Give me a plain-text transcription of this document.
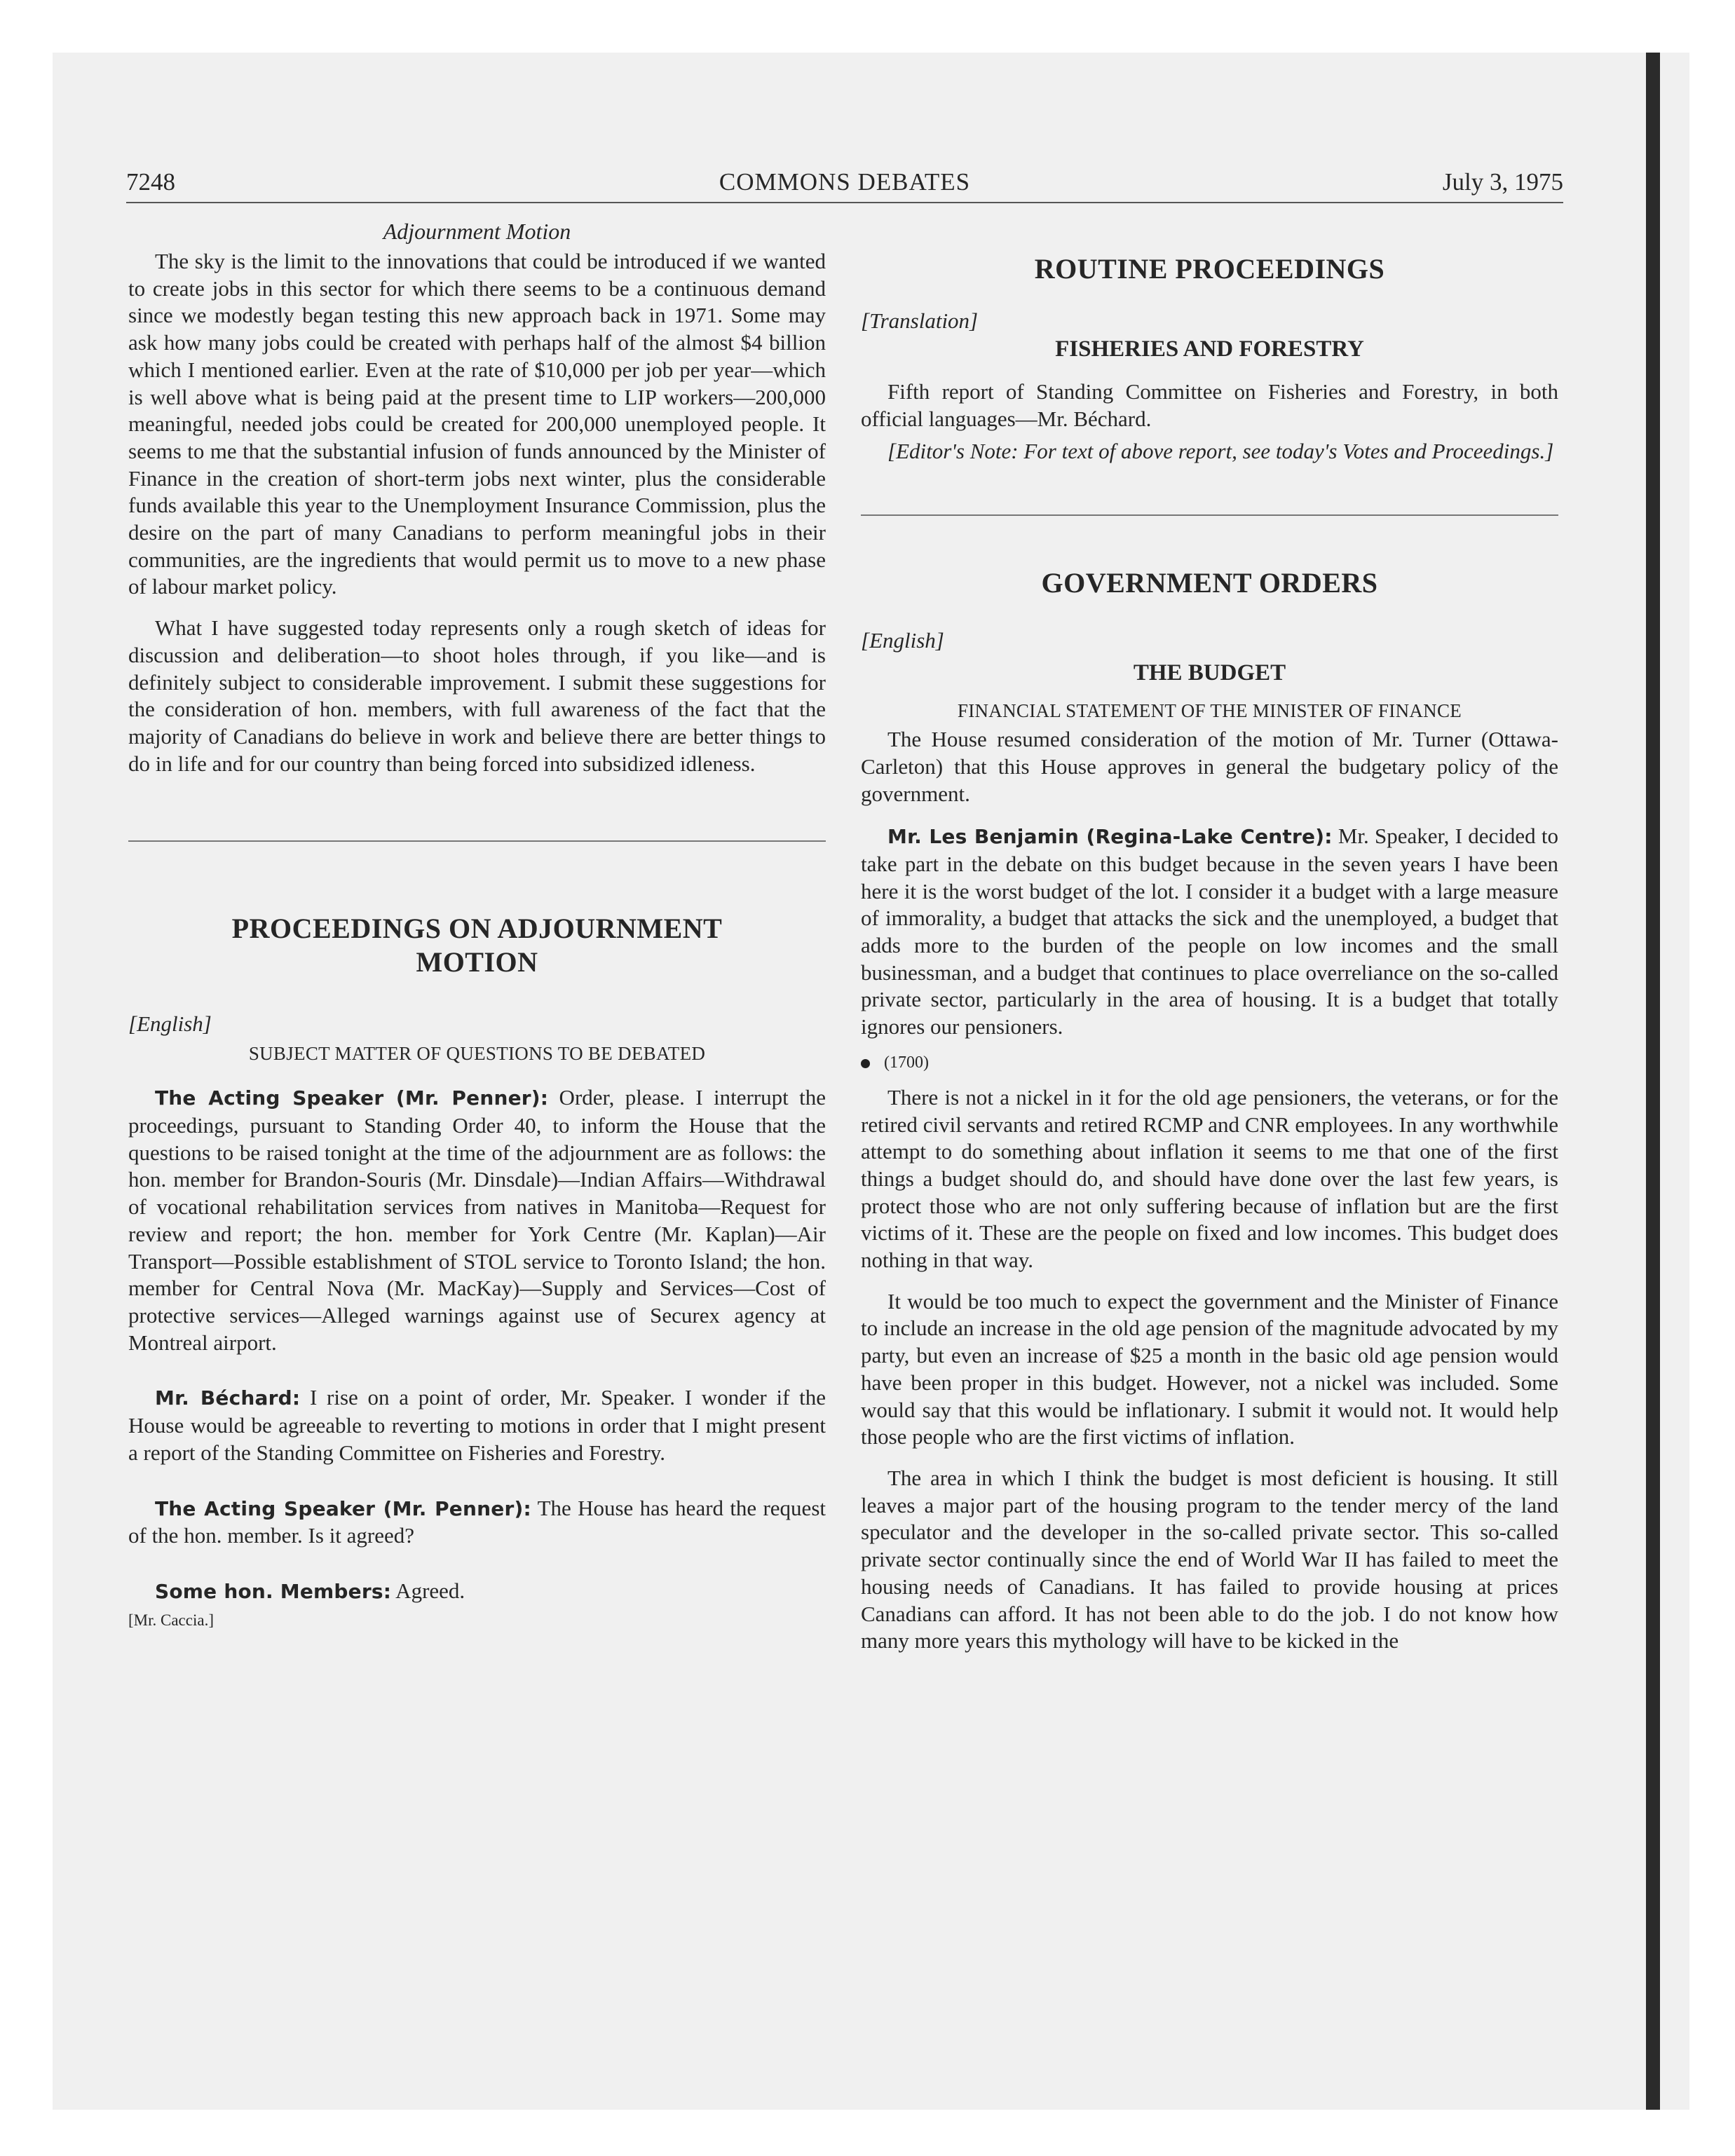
7248	COMMONS DEBATES	July 3, 1975

Adjournment Motion

The sky is the limit to the innovations that could be introduced if we wanted to create jobs in this sector for which there seems to be a continuous demand since we modestly began testing this new approach back in 1971. Some may ask how many jobs could be created with perhaps half of the almost $4 billion which I mentioned earlier. Even at the rate of $10,000 per job per year—which is well above what is being paid at the present time to LIP workers—200,000 meaningful, needed jobs could be created for 200,000 unemployed people. It seems to me that the substantial infusion of funds announced by the Minister of Finance in the creation of short-term jobs next winter, plus the considerable funds available this year to the Unemployment Insurance Commission, plus the desire on the part of many Canadians to perform meaningful jobs in their communities, are the ingredients that would permit us to move to a new phase of labour market policy.

What I have suggested today represents only a rough sketch of ideas for discussion and deliberation—to shoot holes through, if you like—and is definitely subject to considerable improvement. I submit these suggestions for the consideration of hon. members, with full awareness of the fact that the majority of Canadians do believe in work and believe there are better things to do in life and for our country than being forced into subsidized idleness.

PROCEEDINGS ON ADJOURNMENT MOTION

[English]

SUBJECT MATTER OF QUESTIONS TO BE DEBATED

The Acting Speaker (Mr. Penner): Order, please. I interrupt the proceedings, pursuant to Standing Order 40, to inform the House that the questions to be raised tonight at the time of the adjournment are as follows: the hon. member for Brandon-Souris (Mr. Dinsdale)—Indian Affairs—Withdrawal of vocational rehabilitation services from natives in Manitoba—Request for review and report; the hon. member for York Centre (Mr. Kaplan)—Air Transport—Possible establishment of STOL service to Toronto Island; the hon. member for Central Nova (Mr. MacKay)—Supply and Services—Cost of protective services—Alleged warnings against use of Securex agency at Montreal airport.

Mr. Béchard: I rise on a point of order, Mr. Speaker. I wonder if the House would be agreeable to reverting to motions in order that I might present a report of the Standing Committee on Fisheries and Forestry.

The Acting Speaker (Mr. Penner): The House has heard the request of the hon. member. Is it agreed?

Some hon. Members: Agreed.

[Mr. Caccia.]

ROUTINE PROCEEDINGS

[Translation]

FISHERIES AND FORESTRY

Fifth report of Standing Committee on Fisheries and Forestry, in both official languages—Mr. Béchard.

[Editor's Note: For text of above report, see today's Votes and Proceedings.]

GOVERNMENT ORDERS

[English]

THE BUDGET

FINANCIAL STATEMENT OF THE MINISTER OF FINANCE

The House resumed consideration of the motion of Mr. Turner (Ottawa-Carleton) that this House approves in general the budgetary policy of the government.

Mr. Les Benjamin (Regina-Lake Centre): Mr. Speaker, I decided to take part in the debate on this budget because in the seven years I have been here it is the worst budget of the lot. I consider it a budget with a large measure of immorality, a budget that attacks the sick and the unemployed, a budget that adds more to the burden of the people on low incomes and the small businessman, and a budget that continues to place overreliance on the so-called private sector, particularly in the area of housing. It is a budget that totally ignores our pensioners.

(1700)

There is not a nickel in it for the old age pensioners, the veterans, or for the retired civil servants and retired RCMP and CNR employees. In any worthwhile attempt to do something about inflation it seems to me that one of the first things a budget should do, and should have done over the last few years, is protect those who are not only suffering because of inflation but are the first victims of it. These are the people on fixed and low incomes. This budget does nothing in that way.

It would be too much to expect the government and the Minister of Finance to include an increase in the old age pension of the magnitude advocated by my party, but even an increase of $25 a month in the basic old age pension would have been proper in this budget. However, not a nickel was included. Some would say that this would be inflationary. I submit it would not. It would help those people who are the first victims of inflation.

The area in which I think the budget is most deficient is housing. It still leaves a major part of the housing program to the tender mercy of the land speculator and the developer in the so-called private sector. This so-called private sector continually since the end of World War II has failed to meet the housing needs of Canadians. It has failed to provide housing at prices Canadians can afford. It has not been able to do the job. I do not know how many more years this mythology will have to be kicked in the
